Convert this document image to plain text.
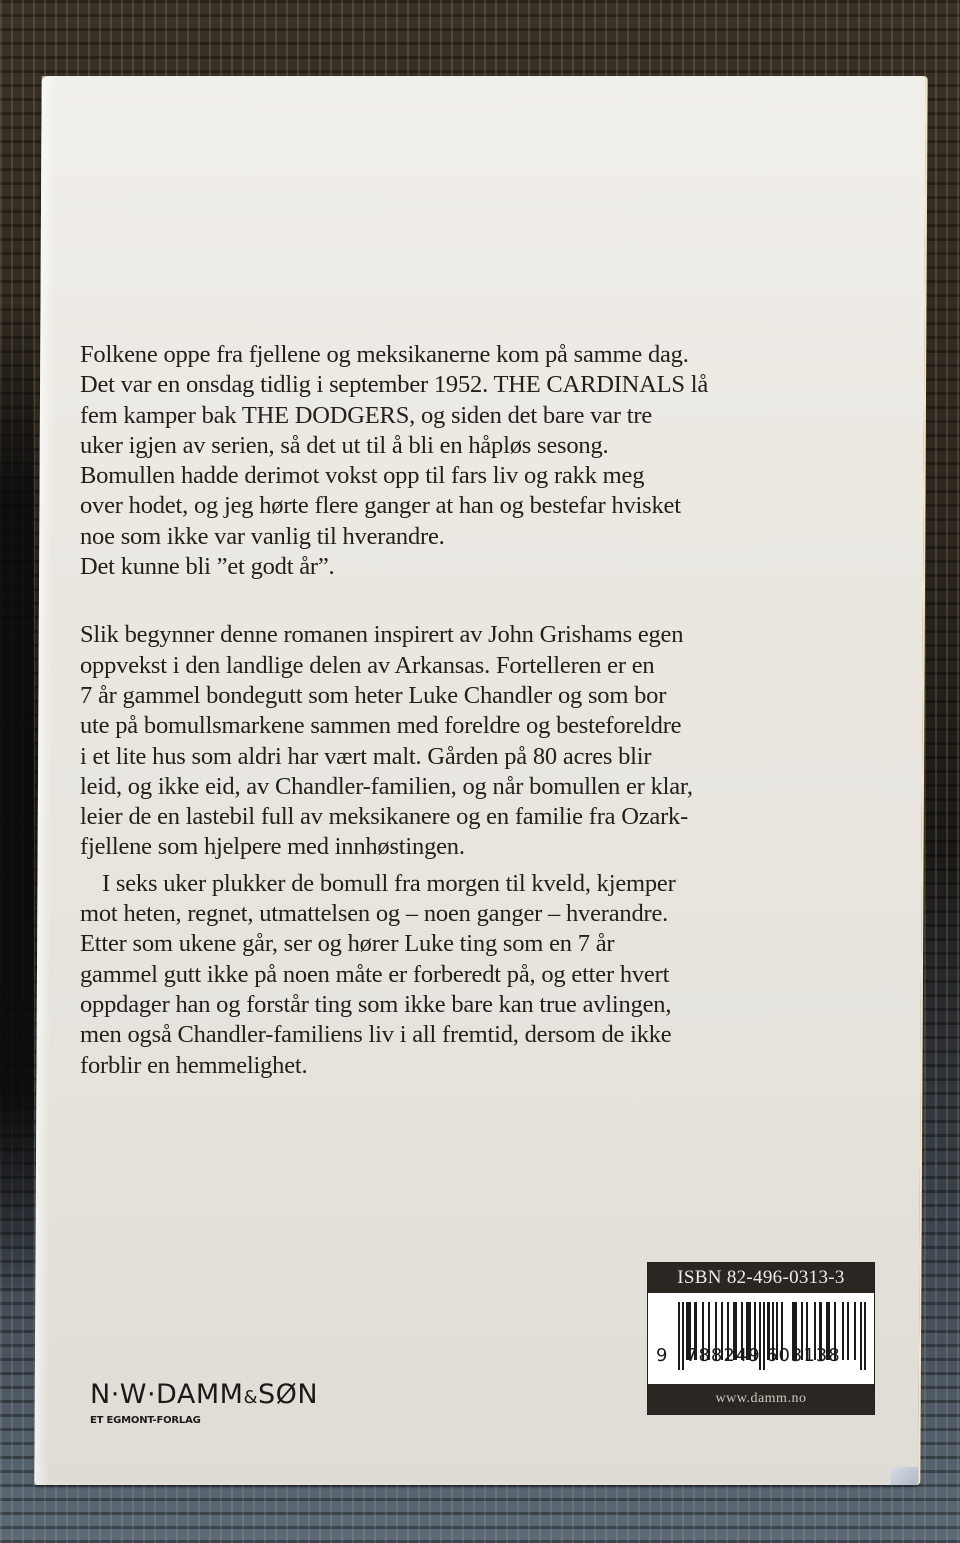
Folkene oppe fra fjellene og meksikanerne kom på samme dag.
Det var en onsdag tidlig i september 1952. THE CARDINALS lå
fem kamper bak THE DODGERS, og siden det bare var tre
uker igjen av serien, så det ut til å bli en håpløs sesong.
Bomullen hadde derimot vokst opp til fars liv og rakk meg
over hodet, og jeg hørte flere ganger at han og bestefar hvisket
noe som ikke var vanlig til hverandre.
Det kunne bli ”et godt år”.
Slik begynner denne romanen inspirert av John Grishams egen
oppvekst i den landlige delen av Arkansas. Fortelleren er en
7 år gammel bondegutt som heter Luke Chandler og som bor
ute på bomullsmarkene sammen med foreldre og besteforeldre
i et lite hus som aldri har vært malt. Gården på 80 acres blir
leid, og ikke eid, av Chandler-familien, og når bomullen er klar,
leier de en lastebil full av meksikanere og en familie fra Ozark-
fjellene som hjelpere med innhøstingen.
I seks uker plukker de bomull fra morgen til kveld, kjemper
mot heten, regnet, utmattelsen og – noen ganger – hverandre.
Etter som ukene går, ser og hører Luke ting som en 7 år
gammel gutt ikke på noen måte er forberedt på, og etter hvert
oppdager han og forstår ting som ikke bare kan true avlingen,
men også Chandler-familiens liv i all fremtid, dersom de ikke
forblir en hemmelighet.
N·W·DAMM&SØN
ET EGMONT-FORLAG
ISBN 82-496-0313-3
9 788249 603138
www.damm.no
